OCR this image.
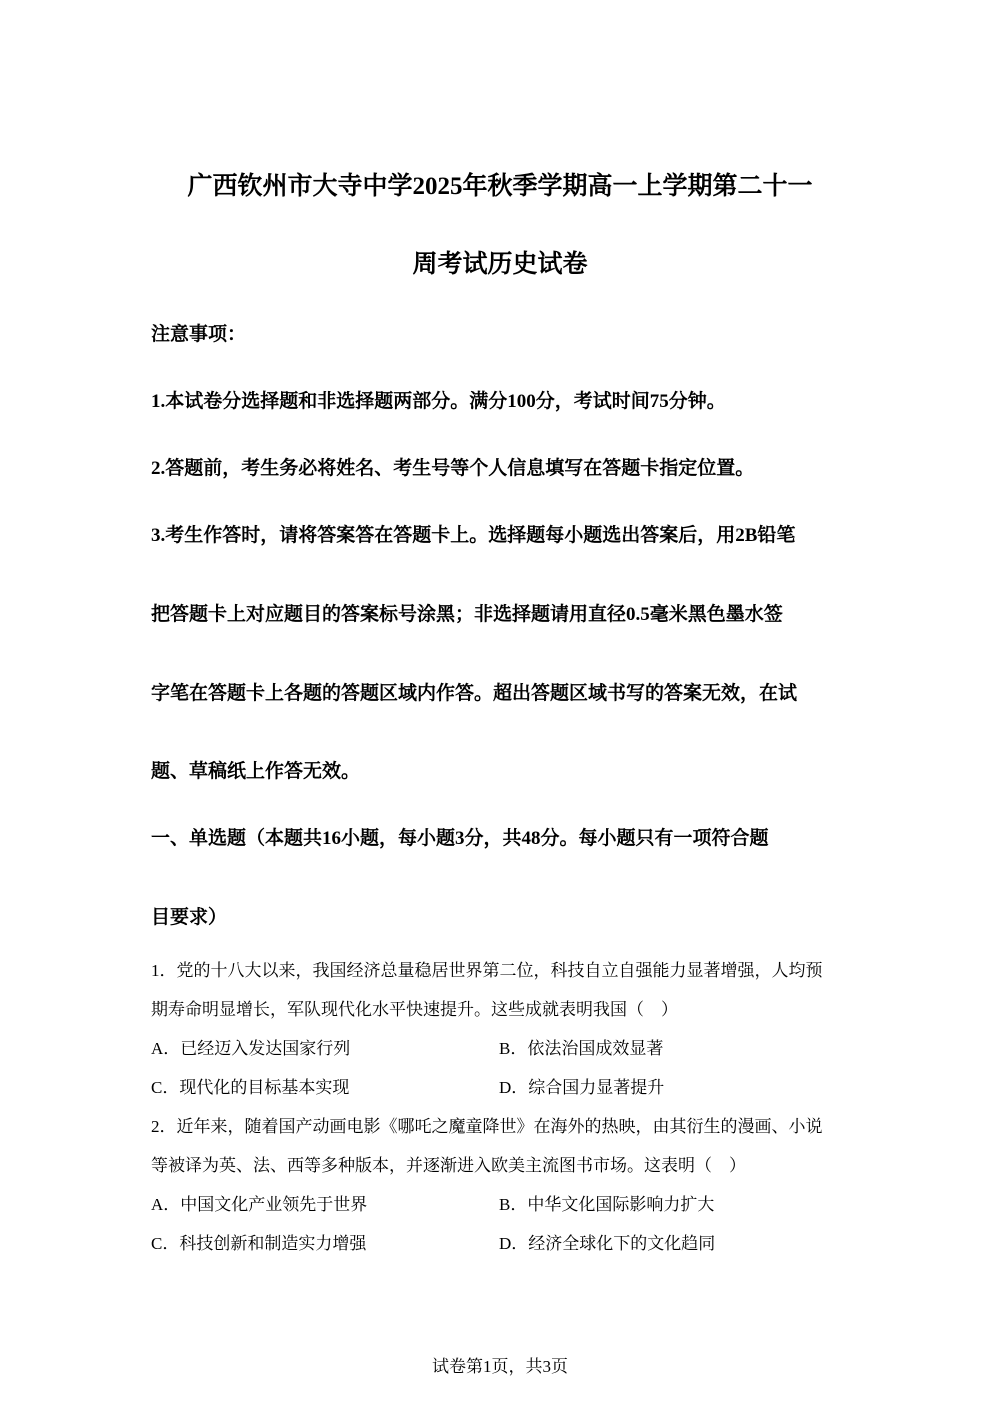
广西钦州市大寺中学2025年秋季学期高一上学期第二十一
周考试历史试卷
注意事项：
1.本试卷分选择题和非选择题两部分。满分100分，考试时间75分钟。
2.答题前，考生务必将姓名、考生号等个人信息填写在答题卡指定位置。
3.考生作答时，请将答案答在答题卡上。选择题每小题选出答案后，用2B铅笔
把答题卡上对应题目的答案标号涂黑；非选择题请用直径0.5毫米黑色墨水签
字笔在答题卡上各题的答题区域内作答。超出答题区域书写的答案无效，在试
题、草稿纸上作答无效。
一、单选题（本题共16小题，每小题3分，共48分。每小题只有一项符合题
目要求）
1．党的十八大以来，我国经济总量稳居世界第二位，科技自立自强能力显著增强，人均预
期寿命明显增长，军队现代化水平快速提升。这些成就表明我国（　）
A．已经迈入发达国家行列	B．依法治国成效显著
C．现代化的目标基本实现	D．综合国力显著提升
2．近年来，随着国产动画电影《哪吒之魔童降世》在海外的热映，由其衍生的漫画、小说
等被译为英、法、西等多种版本，并逐渐进入欧美主流图书市场。这表明（　）
A．中国文化产业领先于世界	B．中华文化国际影响力扩大
C．科技创新和制造实力增强	D．经济全球化下的文化趋同
试卷第1页，共3页
